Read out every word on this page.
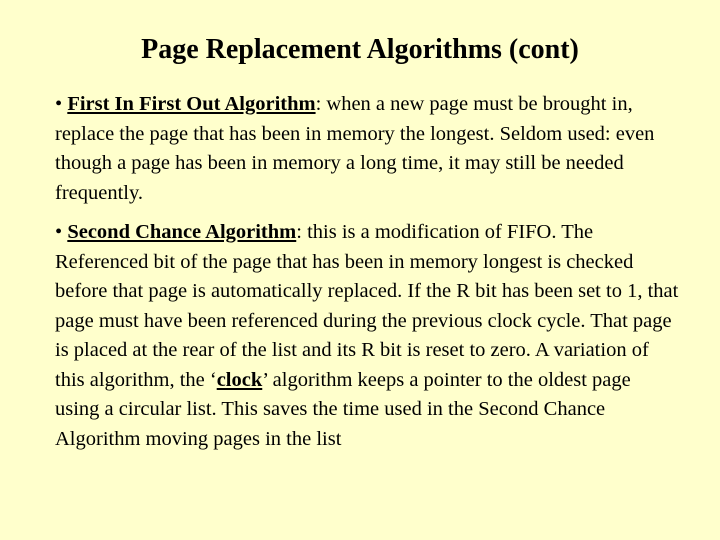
Page Replacement Algorithms (cont)

• First In First Out Algorithm: when a new page must be brought in, replace the page that has been in memory the longest. Seldom used: even though a page has been in memory a long time, it may still be needed frequently.

• Second Chance Algorithm: this is a modification of FIFO. The Referenced bit of the page that has been in memory longest is checked before that page is automatically replaced. If the R bit has been set to 1, that page must have been referenced during the previous clock cycle. That page is placed at the rear of the list and its R bit is reset to zero. A variation of this algorithm, the ‘clock’ algorithm keeps a pointer to the oldest page using a circular list. This saves the time used in the Second Chance Algorithm moving pages in the list
